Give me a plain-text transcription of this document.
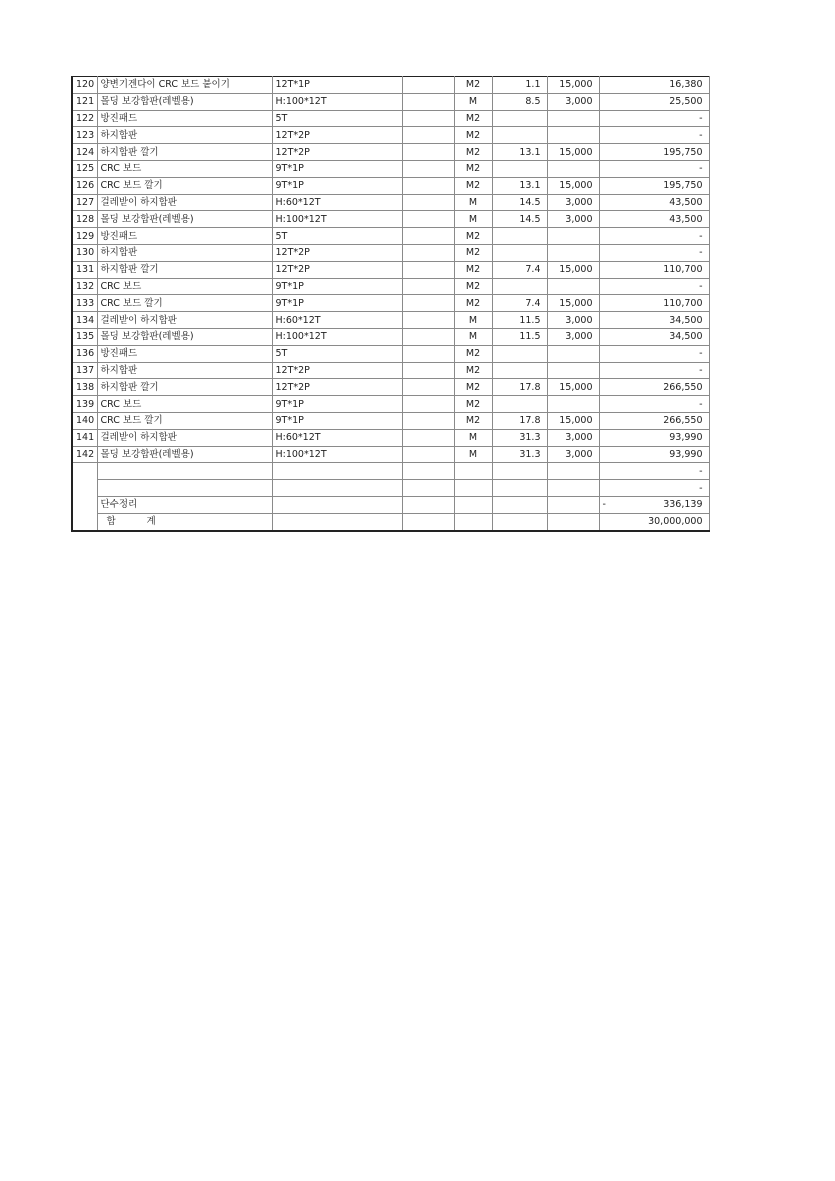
120	양변기겐다이 CRC 보드 붙이기	12T*1P		M2	1.1	15,000	16,380
121	몰딩 보강합판(레벨용)	H:100*12T		M	8.5	3,000	25,500
122	방진패드	5T		M2			-
123	하지합판	12T*2P		M2			-
124	하지합판 깔기	12T*2P		M2	13.1	15,000	195,750
125	CRC 보드	9T*1P		M2			-
126	CRC 보드 깔기	9T*1P		M2	13.1	15,000	195,750
127	걸레받이 하지합판	H:60*12T		M	14.5	3,000	43,500
128	몰딩 보강합판(레벨용)	H:100*12T		M	14.5	3,000	43,500
129	방진패드	5T		M2			-
130	하지합판	12T*2P		M2			-
131	하지합판 깔기	12T*2P		M2	7.4	15,000	110,700
132	CRC 보드	9T*1P		M2			-
133	CRC 보드 깔기	9T*1P		M2	7.4	15,000	110,700
134	걸레받이 하지합판	H:60*12T		M	11.5	3,000	34,500
135	몰딩 보강합판(레벨용)	H:100*12T		M	11.5	3,000	34,500
136	방진패드	5T		M2			-
137	하지합판	12T*2P		M2			-
138	하지합판 깔기	12T*2P		M2	17.8	15,000	266,550
139	CRC 보드	9T*1P		M2			-
140	CRC 보드 깔기	9T*1P		M2	17.8	15,000	266,550
141	걸레받이 하지합판	H:60*12T		M	31.3	3,000	93,990
142	몰딩 보강합판(레벨용)	H:100*12T		M	31.3	3,000	93,990
							-
							-
	단수정리						- 336,139

	합 계						30,000,000
